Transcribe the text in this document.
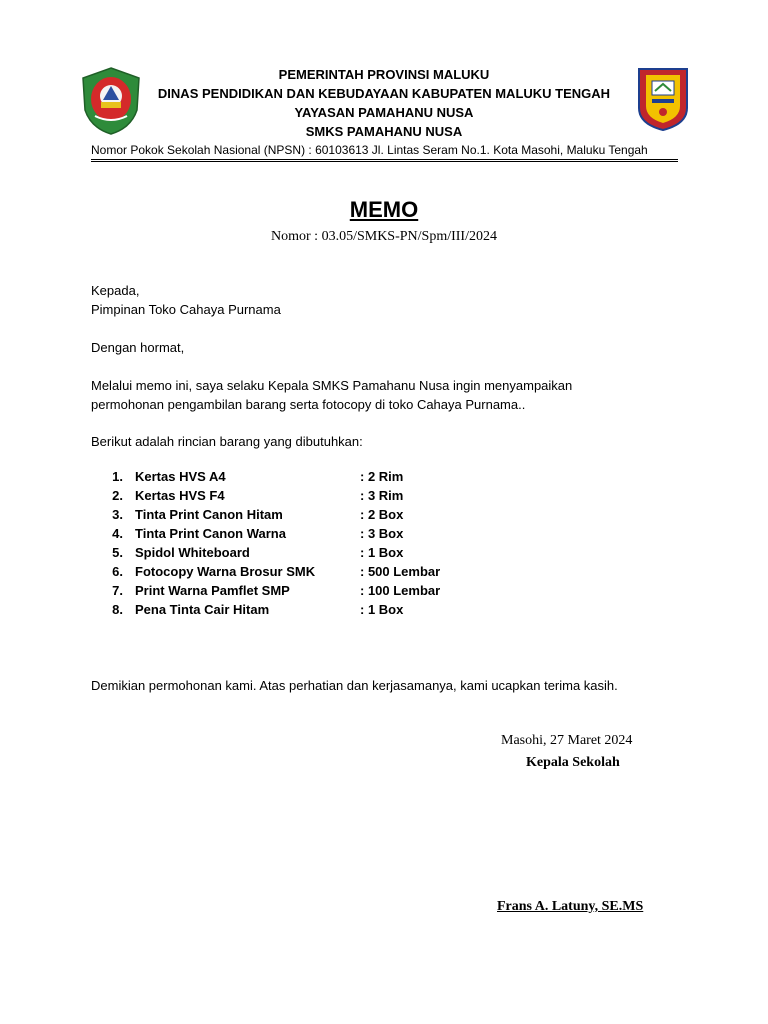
PEMERINTAH PROVINSI MALUKU
DINAS PENDIDIKAN DAN KEBUDAYAAN KABUPATEN MALUKU TENGAH
YAYASAN PAMAHANU NUSA
SMKS PAMAHANU NUSA
Nomor Pokok Sekolah Nasional (NPSN) : 60103613 Jl. Lintas Seram No.1. Kota Masohi, Maluku Tengah
MEMO
Nomor : 03.05/SMKS-PN/Spm/III/2024
Kepada,
Pimpinan Toko Cahaya Purnama
Dengan hormat,
Melalui memo ini, saya selaku Kepala SMKS Pamahanu Nusa ingin menyampaikan
permohonan pengambilan barang serta fotocopy di toko Cahaya Purnama..
Berikut adalah rincian barang yang dibutuhkan:
1. Kertas HVS A4	: 2 Rim
2. Kertas HVS F4	: 3 Rim
3. Tinta Print Canon Hitam	: 2 Box
4. Tinta Print Canon Warna	: 3 Box
5. Spidol Whiteboard	: 1 Box
6. Fotocopy Warna Brosur SMK	: 500 Lembar
7. Print Warna Pamflet SMP	: 100 Lembar
8. Pena Tinta Cair Hitam	: 1 Box
Demikian permohonan kami. Atas perhatian dan kerjasamanya, kami ucapkan terima kasih.
Masohi, 27 Maret 2024
Kepala Sekolah
Frans A. Latuny, SE.MS
